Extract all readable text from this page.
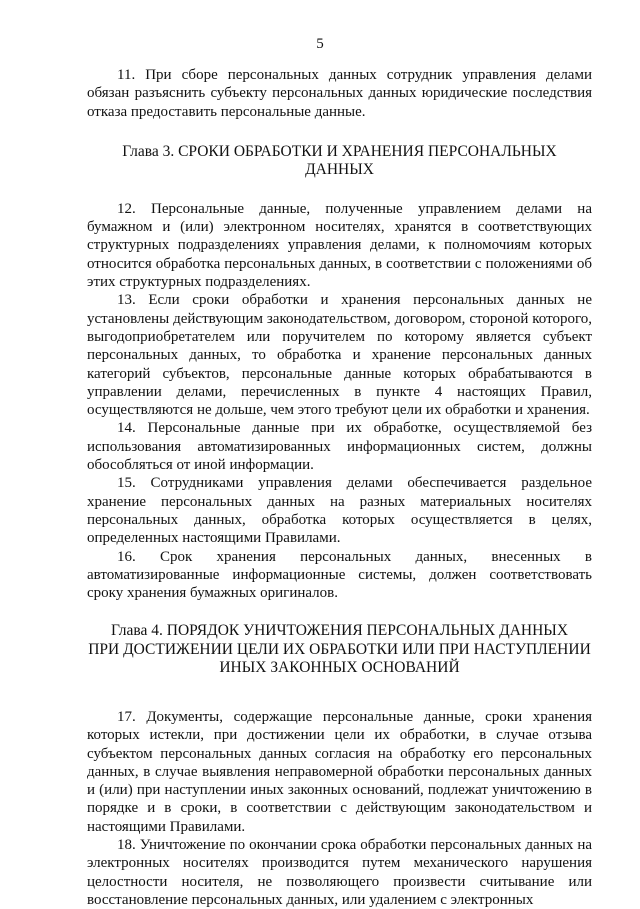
5

11. При сборе персональных данных сотрудник управления делами обязан разъяснить субъекту персональных данных юридические последствия отказа предоставить персональные данные.

Глава 3. СРОКИ ОБРАБОТКИ И ХРАНЕНИЯ ПЕРСОНАЛЬНЫХ ДАННЫХ

12. Персональные данные, полученные управлением делами на бумажном и (или) электронном носителях, хранятся в соответствующих структурных подразделениях управления делами, к полномочиям которых относится обработка персональных данных, в соответствии с положениями об этих структурных подразделениях.

13. Если сроки обработки и хранения персональных данных не установлены действующим законодательством, договором, стороной которого, выгодоприобретателем или поручителем по которому является субъект персональных данных, то обработка и хранение персональных данных категорий субъектов, персональные данные которых обрабатываются в управлении делами, перечисленных в пункте 4 настоящих Правил, осуществляются не дольше, чем этого требуют цели их обработки и хранения.

14. Персональные данные при их обработке, осуществляемой без использования автоматизированных информационных систем, должны обособляться от иной информации.

15. Сотрудниками управления делами обеспечивается раздельное хранение персональных данных на разных материальных носителях персональных данных, обработка которых осуществляется в целях, определенных настоящими Правилами.

16. Срок хранения персональных данных, внесенных в автоматизированные информационные системы, должен соответствовать сроку хранения бумажных оригиналов.

Глава 4. ПОРЯДОК УНИЧТОЖЕНИЯ ПЕРСОНАЛЬНЫХ ДАННЫХ

ПРИ ДОСТИЖЕНИИ ЦЕЛИ ИХ ОБРАБОТКИ ИЛИ ПРИ НАСТУПЛЕНИИ

ИНЫХ ЗАКОННЫХ ОСНОВАНИЙ

17. Документы, содержащие персональные данные, сроки хранения которых истекли, при достижении цели их обработки, в случае отзыва субъектом персональных данных согласия на обработку его персональных данных, в случае выявления неправомерной обработки персональных данных и (или) при наступлении иных законных оснований, подлежат уничтожению в порядке и в сроки, в соответствии с действующим законодательством и настоящими Правилами.

18. Уничтожение по окончании срока обработки персональных данных на электронных носителях производится путем механического нарушения целостности носителя, не позволяющего произвести считывание или восстановление персональных данных, или удалением с электронных
